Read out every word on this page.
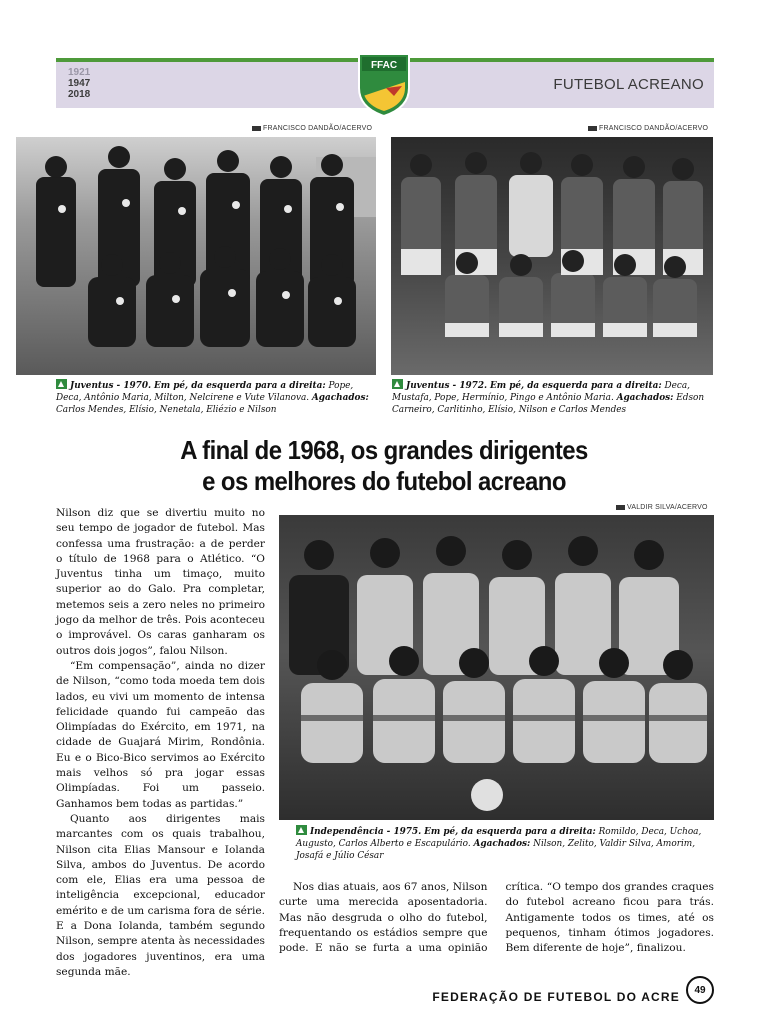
1921
1947
2018
FUTEBOL ACREANO
FFAC
FRANCISCO DANDÃO/ACERVO
Juventus - 1970. Em pé, da esquerda para a direita: Pope, Deca, Antônio Maria, Milton, Nelcirene e Vute Vilanova. Agachados: Carlos Mendes, Elísio, Nenetala, Eliézio e Nilson
FRANCISCO DANDÃO/ACERVO
Juventus - 1972. Em pé, da esquerda para a direita: Deca, Mustafa, Pope, Hermínio, Pingo e Antônio Maria. Agachados: Edson Carneiro, Carlitinho, Elísio, Nilson e Carlos Mendes
A final de 1968, os grandes dirigentes
e os melhores do futebol acreano
VALDIR SILVA/ACERVO
Independência - 1975. Em pé, da esquerda para a direita: Romildo, Deca, Uchoa, Augusto, Carlos Alberto e Escapulário. Agachados: Nilson, Zelito, Valdir Silva, Amorim, Josafá e Júlio César

Nilson diz que se divertiu muito no seu tempo de jogador de futebol. Mas confessa uma frustração: a de perder o título de 1968 para o Atlético. “O Juventus tinha um timaço, muito superior ao do Galo. Pra completar, metemos seis a zero neles no primeiro jogo da melhor de três. Pois aconteceu o improvável. Os caras ganharam os outros dois jogos”, falou Nilson.

“Em compensação”, ainda no dizer de Nilson, “como toda moeda tem dois lados, eu vivi um momento de intensa felicidade quando fui campeão das Olimpíadas do Exército, em 1971, na cidade de Guajará Mirim, Rondônia. Eu e o Bico-Bico servimos ao Exército mais velhos só pra jogar essas Olimpíadas. Foi um passeio. Ganhamos bem todas as partidas.”

Quanto aos dirigentes mais marcantes com os quais trabalhou, Nilson cita Elias Mansour e Iolanda Silva, ambos do Juventus. De acordo com ele, Elias era uma pessoa de inteligência excepcional, educador emérito e de um carisma fora de série. E a Dona Iolanda, também segundo Nilson, sempre atenta às necessidades dos jogadores juventinos, era uma segunda mãe.

Nos dias atuais, aos 67 anos, Nilson curte uma merecida aposentadoria. Mas não desgruda o olho do futebol, frequentando os estádios sempre que pode. E não se furta a uma opinião crítica. “O tempo dos grandes craques do futebol acreano ficou para trás. Antigamente todos os times, até os pequenos, tinham ótimos jogadores. Bem diferente de hoje”, finalizou.

FEDERAÇÃO DE FUTEBOL DO ACRE	49
